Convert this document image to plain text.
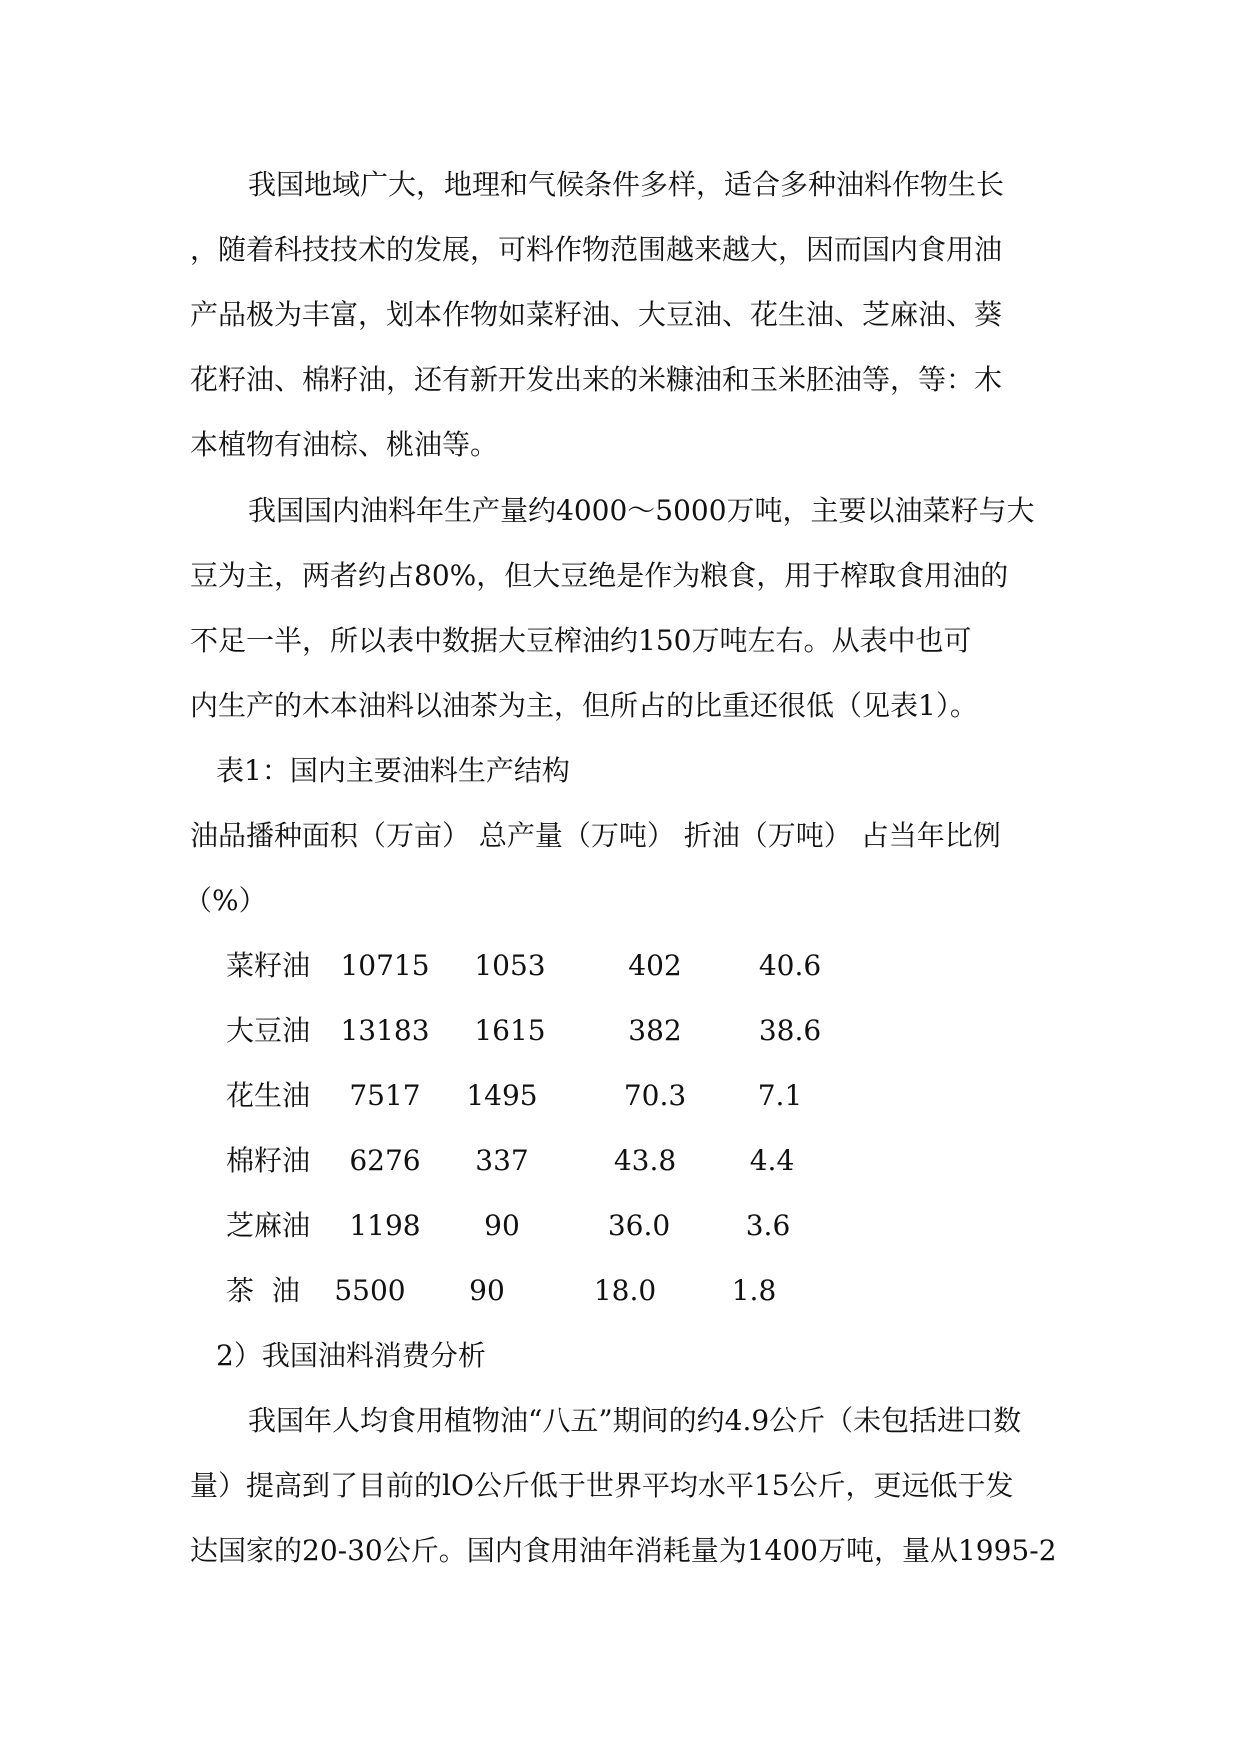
我国地域广大，地理和气候条件多样，适合多种油料作物生长
，随着科技技术的发展，可料作物范围越来越大，因而国内食用油
产品极为丰富，划本作物如菜籽油、大豆油、花生油、芝麻油、葵
花籽油、棉籽油，还有新开发出来的米糠油和玉米胚油等，等：木
本植物有油棕、桃油等。
我国国内油料年生产量约4000～5000万吨，主要以油菜籽与大
豆为主，两者约占80%，但大豆绝是作为粮食，用于榨取食用油的
不足一半，所以表中数据大豆榨油约150万吨左右。从表中也可
内生产的木本油料以油茶为主，但所占的比重还很低（见表1）。
表1：国内主要油料生产结构
油品播种面积（万亩） 总产量（万吨） 折油（万吨） 占当年比例
（%）
菜籽油 10715	1053	402	40.6
大豆油 13183	1615	382	38.6
花生油	7517	1495	70.3	7.1
棉籽油	6276	337	43.8	4.4
芝麻油	1198	90	36.0	3.6
茶  油	5500	90	18.0	1.8
2）我国油料消费分析
我国年人均食用植物油“八五”期间的约4.9公斤（未包括进口数
量）提高到了目前的lO公斤低于世界平均水平15公斤，更远低于发
达国家的20-30公斤。国内食用油年消耗量为1400万吨，量从1995-2
